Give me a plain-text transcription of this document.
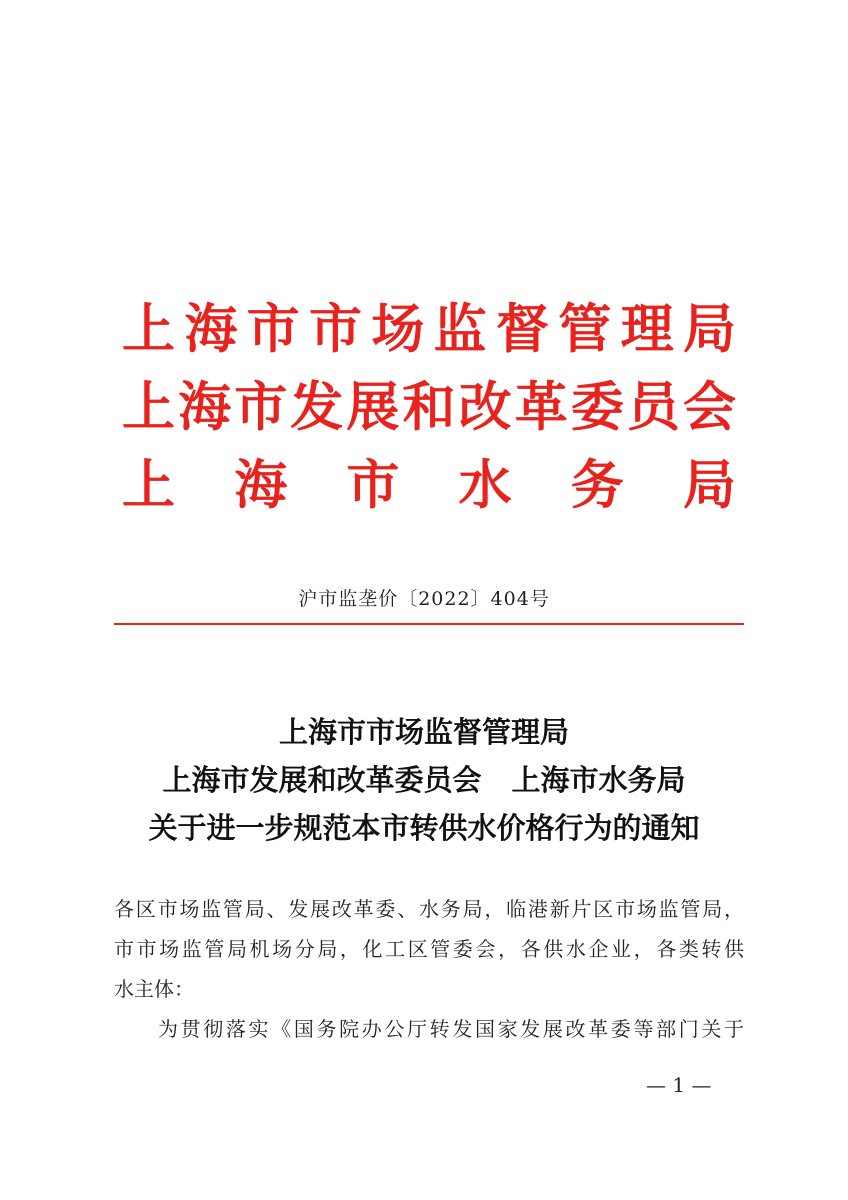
上海市市场监督管理局
上海市发展和改革委员会
上　海　市　水　务　局
沪市监垄价〔2022〕404号
上海市市场监督管理局
上海市发展和改革委员会 上海市水务局
关于进一步规范本市转供水价格行为的通知
各区市场监管局、发展改革委、水务局，临港新片区市场监管局，
市市场监管局机场分局，化工区管委会，各供水企业，各类转供
水主体：
为贯彻落实《国务院办公厅转发国家发展改革委等部门关于
— 1 —
